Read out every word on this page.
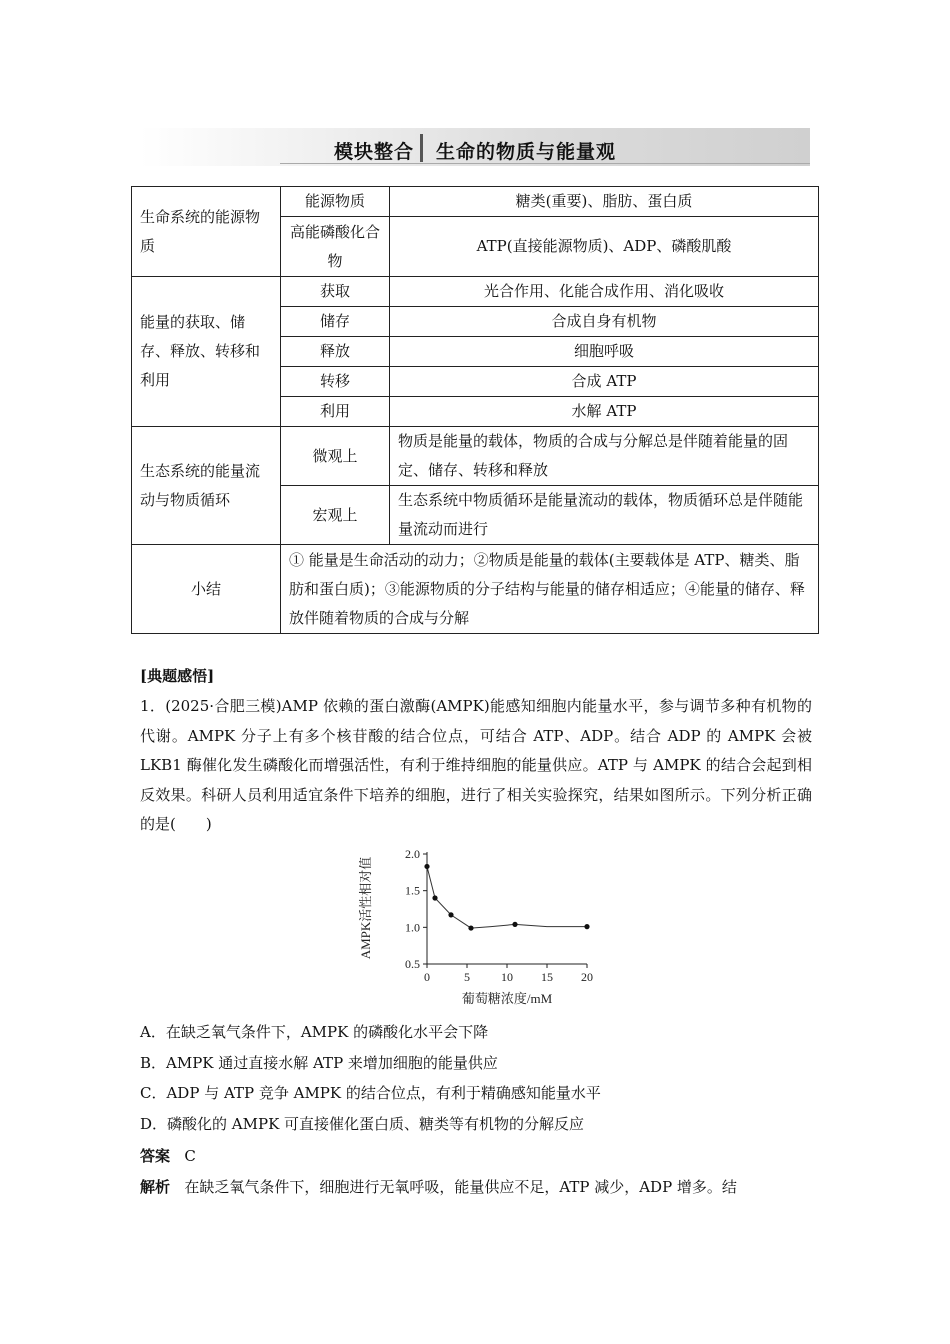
模块整合 生命的物质与能量观
生命系统的能源物质	能源物质	糖类(重要)、脂肪、蛋白质
	高能磷酸化合物	ATP(直接能源物质)、ADP、磷酸肌酸
能量的获取、储存、释放、转移和利用	获取	光合作用、化能合成作用、消化吸收
	储存	合成自身有机物
	释放	细胞呼吸
	转移	合成 ATP
	利用	水解 ATP
生态系统的能量流动与物质循环	微观上	物质是能量的载体，物质的合成与分解总是伴随着能量的固定、储存、转移和释放
	宏观上	生态系统中物质循环是能量流动的载体，物质循环总是伴随能量流动而进行
小结	① 能量是生命活动的动力；②物质是能量的载体(主要载体是 ATP、糖类、脂肪和蛋白质)；③能源物质的分子结构与能量的储存相适应；④能量的储存、释放伴随着物质的合成与分解	
[典题感悟]
1．(2025·合肥三模)AMP 依赖的蛋白激酶(AMPK)能感知细胞内能量水平，参与调节多种有机物的代谢。AMPK 分子上有多个核苷酸的结合位点，可结合 ATP、ADP。结合 ADP 的 AMPK 会被 LKB1 酶催化发生磷酸化而增强活性，有利于维持细胞的能量供应。ATP 与 AMPK 的结合会起到相反效果。科研人员利用适宜条件下培养的细胞，进行了相关实验探究，结果如图所示。下列分析正确的是(　　)
0.5
1.0
1.5
2.0
0	5	10 15 20
AMPK活性相对值
葡萄糖浓度/mM
A．在缺乏氧气条件下，AMPK 的磷酸化水平会下降
B．AMPK 通过直接水解 ATP 来增加细胞的能量供应
C．ADP 与 ATP 竞争 AMPK 的结合位点，有利于精确感知能量水平
D．磷酸化的 AMPK 可直接催化蛋白质、糖类等有机物的分解反应
答案 C
解析 在缺乏氧气条件下，细胞进行无氧呼吸，能量供应不足，ATP 减少，ADP 增多。结
